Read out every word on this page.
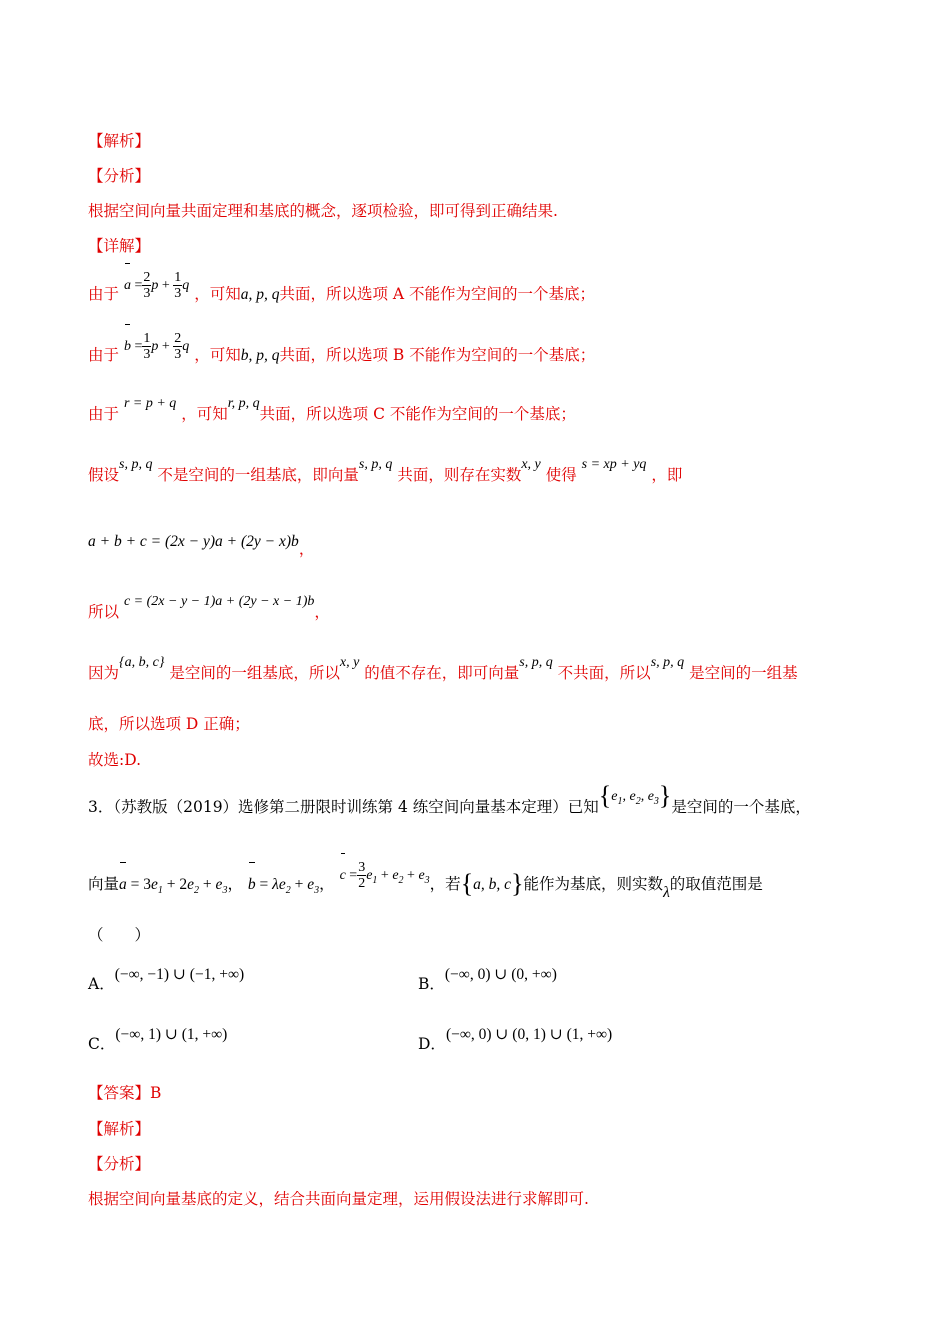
【解析】
【分析】
根据空间向量共面定理和基底的概念，逐项检验，即可得到正确结果.
【详解】
由于 $a = \frac{2}{3}$ $p + \frac{1}{3}$ q ，可知a, p, q共面，所以选项 A 不能作为空间的一个基底；
由于 $b = \frac{1}{3}$ $p + \frac{2}{3}$ q ，可知b, p, q共面，所以选项 B 不能作为空间的一个基底；
由于 r = p + q ，可知r, p, q共面，所以选项 C 不能作为空间的一个基底；
假设s, p, q 不是空间的一组基底，即向量s, p, q 共面，则存在实数x, y 使得 s = xp + yq ，即
a + b + c = (2x − y)a + (2y − x)b，
所以 c = (2x − y − 1)a + (2y − x − 1)b，
因为{a, b, c} 是空间的一组基底，所以x, y 的值不存在，即可向量s, p, q 不共面，所以s, p, q 是空间的一组基
底，所以选项 D 正确；
故选:D.
3．（苏教版（2019）选修第二册限时训练第 4 练空间向量基本定理）已知{$e_1$, $e_2$, $e_3$}是空间的一个基底，
向量$a = 3e_1 + 2e_2 + e_3$， $b = \lambda e_2 + e_3$， $c = \frac{3}{2} e_1 + e_2 + e_3$，若{a, b, c}能作为基底，则实数λ的取值范围是
（　　）
A．(−∞, −1) ∪ (−1, +∞)
B．(−∞, 0) ∪ (0, +∞)
C．(−∞, 1) ∪ (1, +∞)
D．(−∞, 0) ∪ (0, 1) ∪ (1, +∞)
【答案】B
【解析】
【分析】
根据空间向量基底的定义，结合共面向量定理，运用假设法进行求解即可.
